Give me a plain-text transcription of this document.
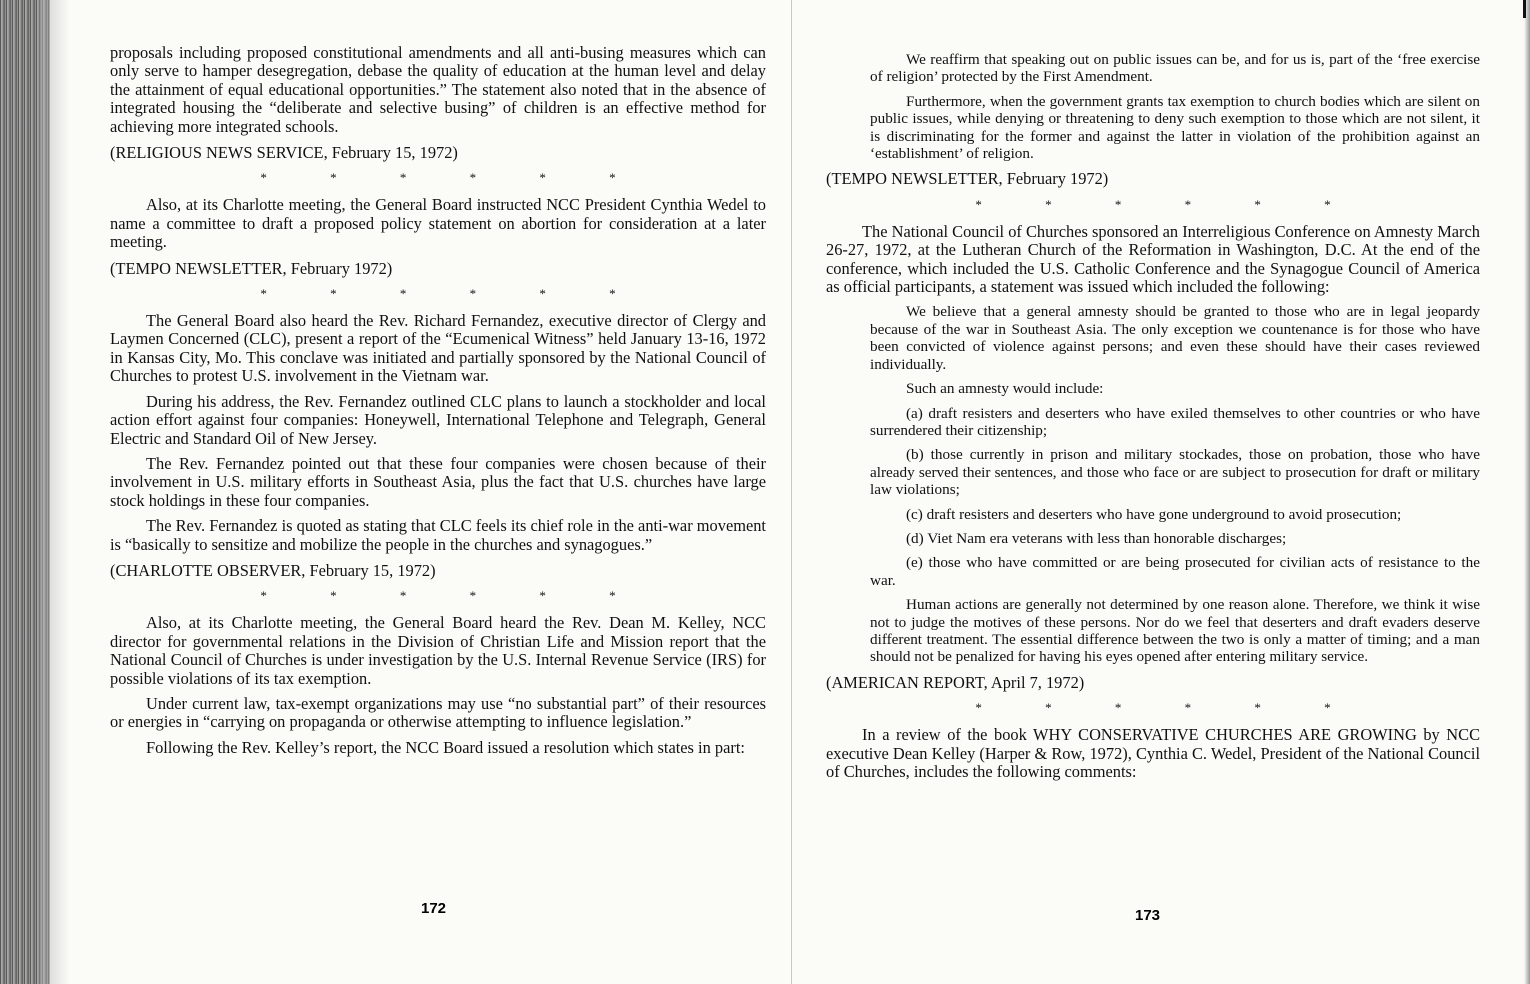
proposals including proposed constitutional amendments and all anti-busing measures which can only serve to hamper desegregation, debase the quality of education at the human level and delay the attainment of equal educational opportunities.” The statement also noted that in the absence of integrated housing the “deliberate and selective busing” of children is an effective method for achieving more integrated schools.

(RELIGIOUS NEWS SERVICE, February 15, 1972)

* * * * * *

Also, at its Charlotte meeting, the General Board instructed NCC President Cynthia Wedel to name a committee to draft a proposed policy statement on abortion for consideration at a later meeting.

(TEMPO NEWSLETTER, February 1972)

* * * * * *

The General Board also heard the Rev. Richard Fernandez, executive director of Clergy and Laymen Concerned (CLC), present a report of the “Ecumenical Witness” held January 13-16, 1972 in Kansas City, Mo. This conclave was initiated and partially sponsored by the National Council of Churches to protest U.S. involvement in the Vietnam war.

During his address, the Rev. Fernandez outlined CLC plans to launch a stockholder and local action effort against four companies: Honeywell, International Telephone and Telegraph, General Electric and Standard Oil of New Jersey.

The Rev. Fernandez pointed out that these four companies were chosen because of their involvement in U.S. military efforts in Southeast Asia, plus the fact that U.S. churches have large stock holdings in these four companies.

The Rev. Fernandez is quoted as stating that CLC feels its chief role in the anti-war movement is “basically to sensitize and mobilize the people in the churches and synagogues.”

(CHARLOTTE OBSERVER, February 15, 1972)

* * * * * *

Also, at its Charlotte meeting, the General Board heard the Rev. Dean M. Kelley, NCC director for governmental relations in the Division of Christian Life and Mission report that the National Council of Churches is under investigation by the U.S. Internal Revenue Service (IRS) for possible violations of its tax exemption.

Under current law, tax-exempt organizations may use “no substantial part” of their resources or energies in “carrying on propaganda or otherwise attempting to influence legislation.”

Following the Rev. Kelley’s report, the NCC Board issued a resolution which states in part:

172

We reaffirm that speaking out on public issues can be, and for us is, part of the ‘free exercise of religion’ protected by the First Amendment.

Furthermore, when the government grants tax exemption to church bodies which are silent on public issues, while denying or threatening to deny such exemption to those which are not silent, it is discriminating for the former and against the latter in violation of the prohibition against an ‘establishment’ of religion.

(TEMPO NEWSLETTER, February 1972)

* * * * * *

The National Council of Churches sponsored an Interreligious Conference on Amnesty March 26-27, 1972, at the Lutheran Church of the Reformation in Washington, D.C. At the end of the conference, which included the U.S. Catholic Conference and the Synagogue Council of America as official participants, a statement was issued which included the following:

We believe that a general amnesty should be granted to those who are in legal jeopardy because of the war in Southeast Asia. The only exception we countenance is for those who have been convicted of violence against persons; and even these should have their cases reviewed individually.

Such an amnesty would include:

(a) draft resisters and deserters who have exiled themselves to other countries or who have surrendered their citizenship;

(b) those currently in prison and military stockades, those on probation, those who have already served their sentences, and those who face or are subject to prosecution for draft or military law violations;

(c) draft resisters and deserters who have gone underground to avoid prosecution;

(d) Viet Nam era veterans with less than honorable discharges;

(e) those who have committed or are being prosecuted for civilian acts of resistance to the war.

Human actions are generally not determined by one reason alone. Therefore, we think it wise not to judge the motives of these persons. Nor do we feel that deserters and draft evaders deserve different treatment. The essential difference between the two is only a matter of timing; and a man should not be penalized for having his eyes opened after entering military service.

(AMERICAN REPORT, April 7, 1972)

* * * * * *

In a review of the book WHY CONSERVATIVE CHURCHES ARE GROWING by NCC executive Dean Kelley (Harper & Row, 1972), Cynthia C. Wedel, President of the National Council of Churches, includes the following comments:

173
